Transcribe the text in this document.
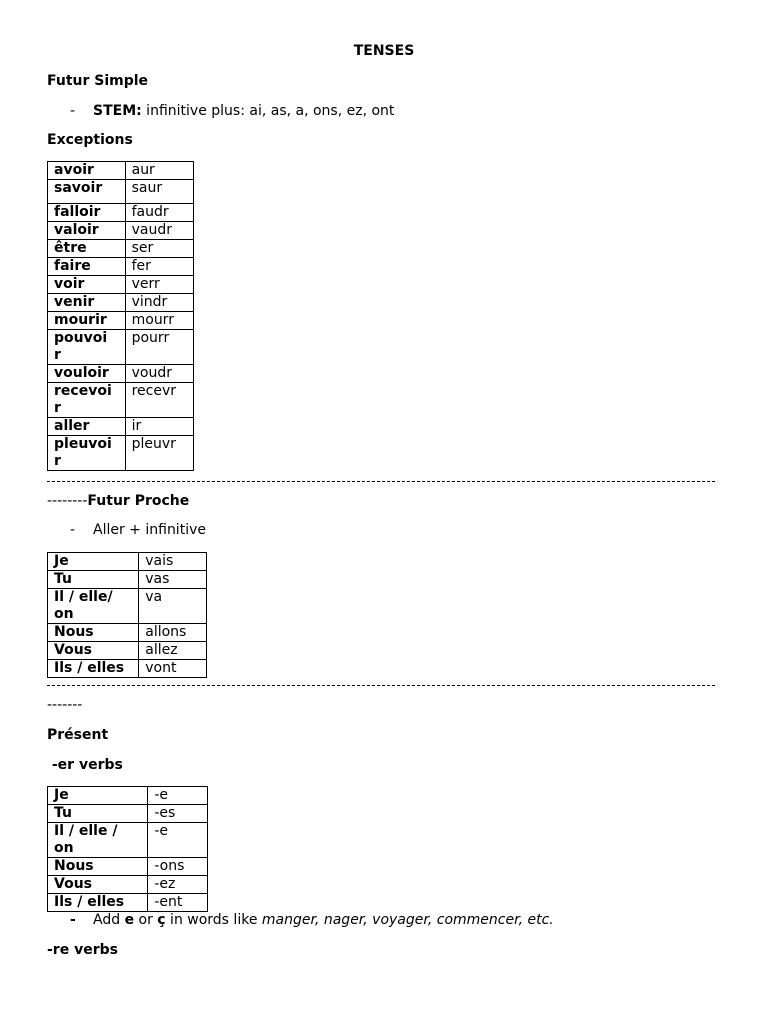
TENSES
Futur Simple
- STEM: infinitive plus: ai, as, a, ons, ez, ont
Exceptions
avoir	aur
savoir	saur
falloir	faudr
valoir	vaudr
être	ser
faire	fer
voir	verr
venir	vindr
mourir	mourr
pouvoi r	pourr
vouloir	voudr
recevoi r	recevr
aller	ir
pleuvoi r	pleuvr
--------Futur Proche
- Aller + infinitive
Je	vais
Tu	vas
Il / elle/ on	va
Nous	allons
Vous	allez
Ils / elles	vont
-------
Présent
-er verbs
Je	-e
Tu	-es
Il / elle / on	-e
Nous	-ons
Vous	-ez
Ils / elles	-ent
- Add e or ç in words like manger, nager, voyager, commencer, etc.
-re verbs
